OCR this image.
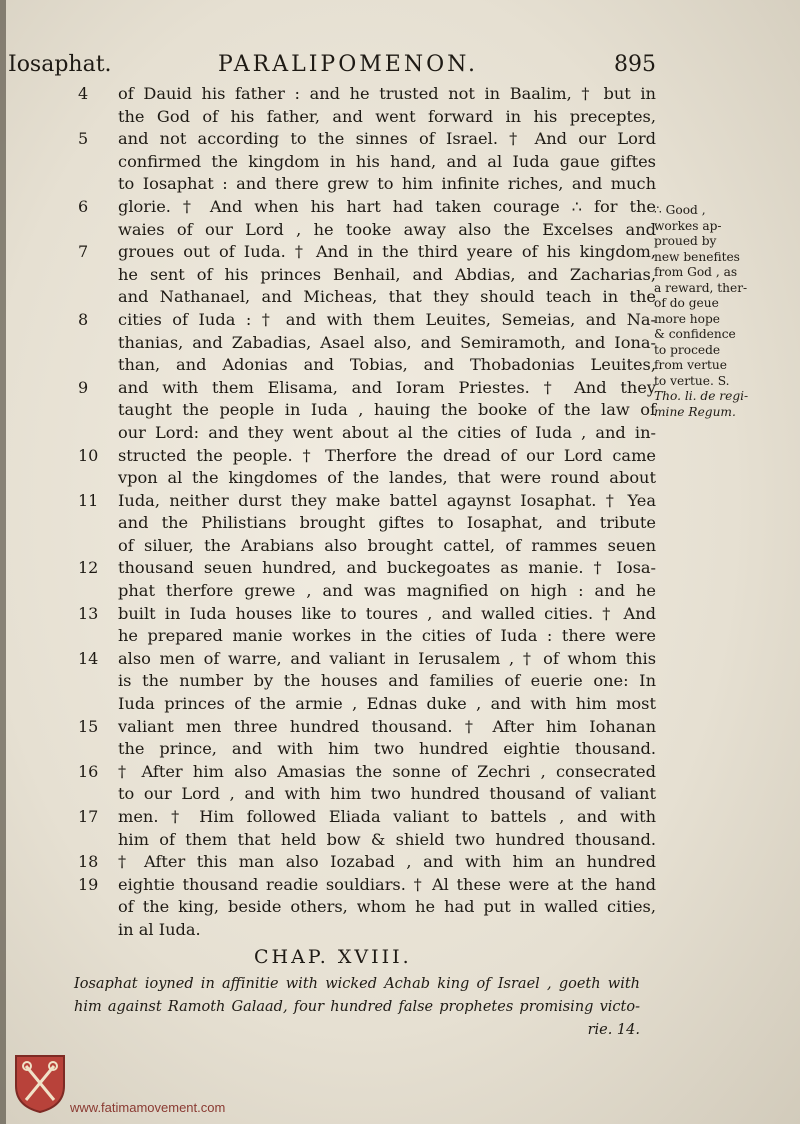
Iosaphat.	PARALIPOMENON.	895
4	of Dauid his father : and he trusted not in Baalim, † but in
the God of his father, and went forward in his preceptes,
5	and not according to the sinnes of Israel. † And our Lord
confirmed the kingdom in his hand, and al Iuda gaue giftes
to Iosaphat : and there grew to him infinite riches, and much
6	glorie. † And when his hart had taken courage ∴ for the
waies of our Lord , he tooke away also the Excelses and
7	groues out of Iuda. † And in the third yeare of his kingdom,
he sent of his princes Benhail, and Abdias, and Zacharias,
and Nathanael, and Micheas, that they should teach in the
8	cities of Iuda : † and with them Leuites, Semeias, and Na-
thanias, and Zabadias, Asael also, and Semiramoth, and Iona-
than, and Adonias and Tobias, and Thobadonias Leuites,
9	and with them Elisama, and Ioram Priestes. † And they
taught the people in Iuda , hauing the booke of the law of
our Lord: and they went about al the cities of Iuda , and in-
10	structed the people. † Therfore the dread of our Lord came
vpon al the kingdomes of the landes, that were round about
11	Iuda, neither durst they make battel agaynst Iosaphat. † Yea
and the Philistians brought giftes to Iosaphat, and tribute
of siluer, the Arabians also brought cattel, of rammes seuen
12	thousand seuen hundred, and buckegoates as manie. † Iosa-
phat therfore grewe , and was magnified on high : and he
13	built in Iuda houses like to toures , and walled cities. † And
he prepared manie workes in the cities of Iuda : there were
14	also men of warre, and valiant in Ierusalem , † of whom this
is the number by the houses and families of euerie one: In
Iuda princes of the armie , Ednas duke , and with him most
15	valiant men three hundred thousand. † After him Iohanan
the prince, and with him two hundred eightie thousand.
16	† After him also Amasias the sonne of Zechri , consecrated
to our Lord , and with him two hundred thousand of valiant
17	men. † Him followed Eliada valiant to battels , and with
him of them that held bow & shield two hundred thousand.
18	† After this man also Iozabad , and with him an hundred
19	eightie thousand readie souldiars. † Al these were at the hand
of the king, beside others, whom he had put in walled cities,
in al Iuda.
∴ Good ,
workes ap-
proued by
new benefites
from God , as
a reward, ther-
of do geue
more hope
& confidence
to procede
from vertue
to vertue. S.
Tho. li. de regi-
mine Regum.
CHAP. XVIII.
Iosaphat ioyned in affinitie with wicked Achab king of Israel , goeth with
him against Ramoth Galaad, four hundred false prophetes promising victo-
rie. 14.
www.fatimamovement.com
